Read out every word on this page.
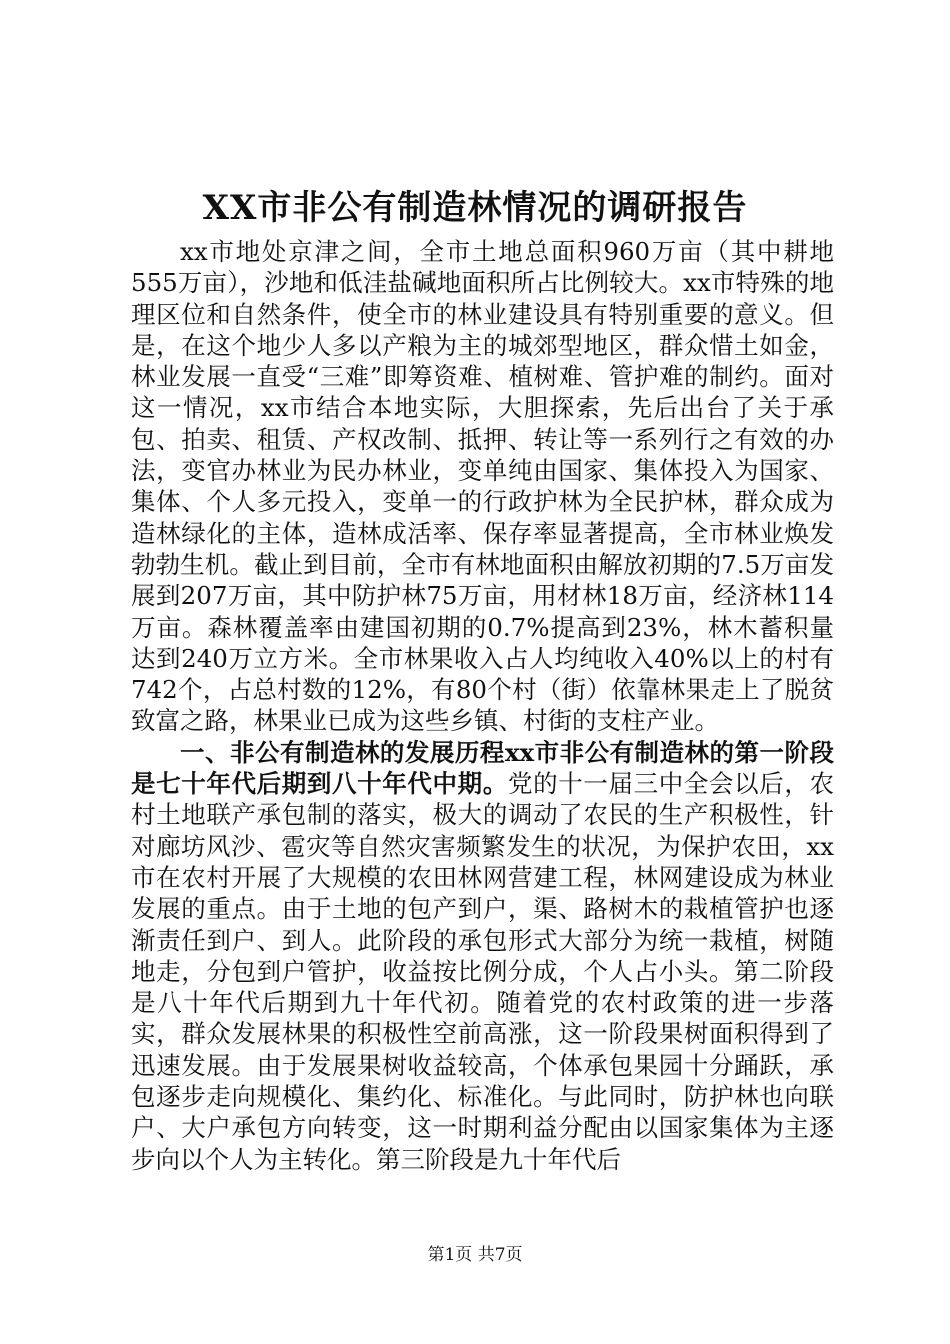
XX市非公有制造林情况的调研报告

xx市地处京津之间，全市土地总面积960万亩（其中耕地555万亩），沙地和低洼盐碱地面积所占比例较大。xx市特殊的地理区位和自然条件，使全市的林业建设具有特别重要的意义。但是，在这个地少人多以产粮为主的城郊型地区，群众惜土如金，林业发展一直受“三难”即筹资难、植树难、管护难的制约。面对这一情况，xx市结合本地实际，大胆探索，先后出台了关于承包、拍卖、租赁、产权改制、抵押、转让等一系列行之有效的办法，变官办林业为民办林业，变单纯由国家、集体投入为国家、集体、个人多元投入，变单一的行政护林为全民护林，群众成为造林绿化的主体，造林成活率、保存率显著提高，全市林业焕发勃勃生机。截止到目前，全市有林地面积由解放初期的7.5万亩发展到207万亩，其中防护林75万亩，用材林18万亩，经济林114万亩。森林覆盖率由建国初期的0.7%提高到23%，林木蓄积量达到240万立方米。全市林果收入占人均纯收入40%以上的村有742个，占总村数的12%，有80个村（街）依靠林果走上了脱贫致富之路，林果业已成为这些乡镇、村街的支柱产业。

一、非公有制造林的发展历程xx市非公有制造林的第一阶段是七十年代后期到八十年代中期。党的十一届三中全会以后，农村土地联产承包制的落实，极大的调动了农民的生产积极性，针对廊坊风沙、雹灾等自然灾害频繁发生的状况，为保护农田，xx市在农村开展了大规模的农田林网营建工程，林网建设成为林业发展的重点。由于土地的包产到户，渠、路树木的栽植管护也逐渐责任到户、到人。此阶段的承包形式大部分为统一栽植，树随地走，分包到户管护，收益按比例分成，个人占小头。第二阶段是八十年代后期到九十年代初。随着党的农村政策的进一步落实，群众发展林果的积极性空前高涨，这一阶段果树面积得到了迅速发展。由于发展果树收益较高，个体承包果园十分踊跃，承包逐步走向规模化、集约化、标准化。与此同时，防护林也向联户、大户承包方向转变，这一时期利益分配由以国家集体为主逐步向以个人为主转化。第三阶段是九十年代后

第1页 共7页
